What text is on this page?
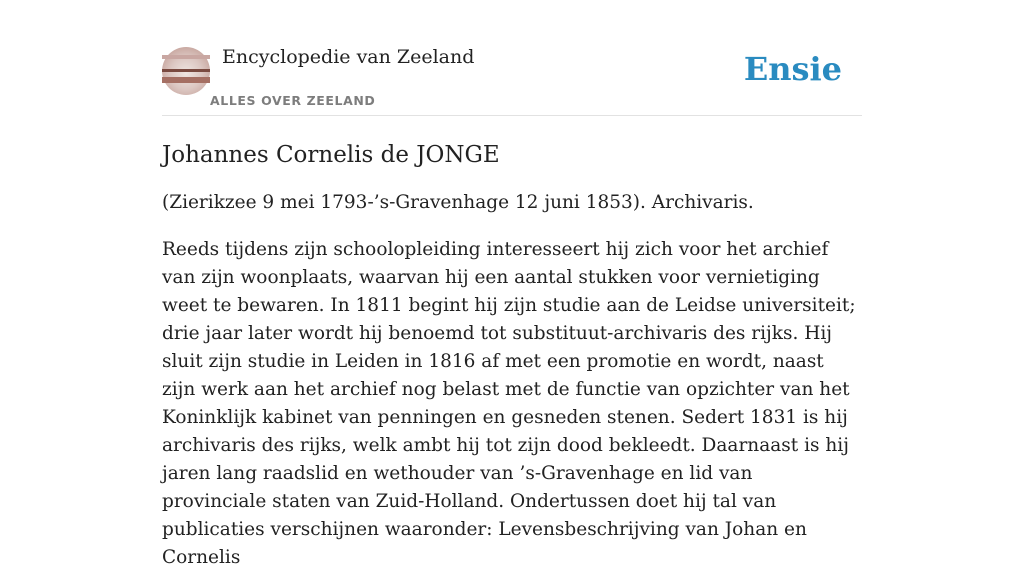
Encyclopedie van Zeeland
ALLES OVER ZEELAND
Ensie
Johannes Cornelis de JONGE

(Zierikzee 9 mei 1793-’s-Gravenhage 12 juni 1853). Archivaris.

Reeds tijdens zijn schoolopleiding interesseert hij zich voor het archief van zijn woonplaats, waarvan hij een aantal stukken voor vernietiging weet te bewaren. In 1811 begint hij zijn studie aan de Leidse universiteit; drie jaar later wordt hij benoemd tot substituut-archivaris des rijks. Hij sluit zijn studie in Leiden in 1816 af met een promotie en wordt, naast zijn werk aan het archief nog belast met de functie van opzichter van het Koninklijk kabinet van penningen en gesneden stenen. Sedert 1831 is hij archivaris des rijks, welk ambt hij tot zijn dood bekleedt. Daarnaast is hij jaren lang raadslid en wethouder van ’s-Gravenhage en lid van provinciale staten van Zuid-Holland. Ondertussen doet hij tal van publicaties verschijnen waaronder: Levensbeschrijving van Johan en Cornelis
